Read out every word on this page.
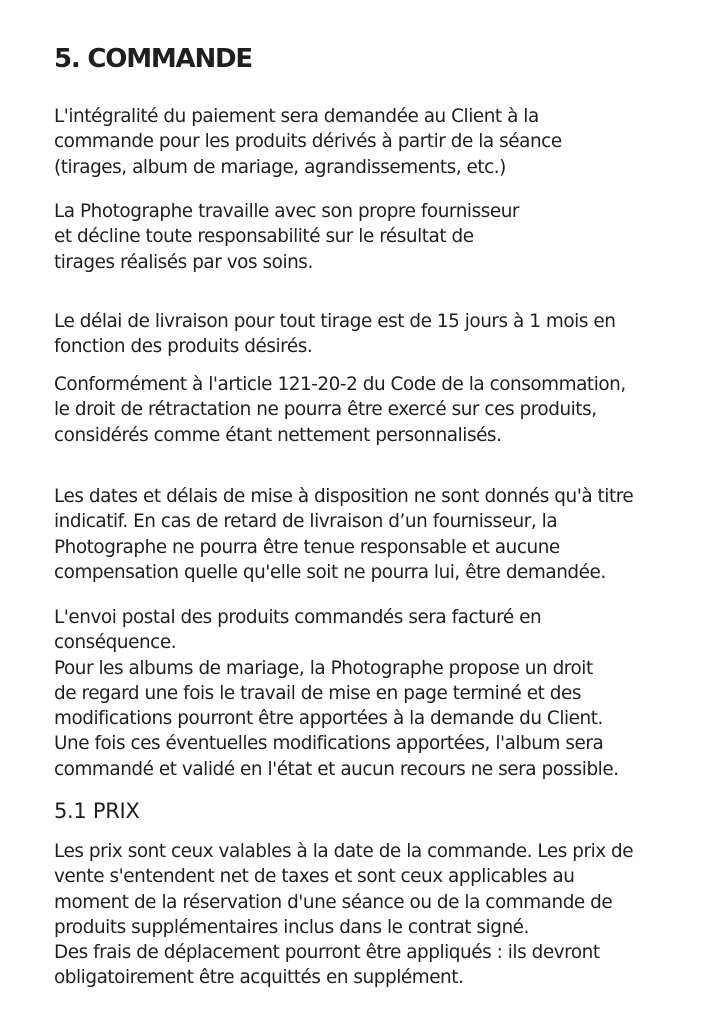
5. COMMANDE

L'intégralité du paiement sera demandée au Client à la
commande pour les produits dérivés à partir de la séance
(tirages, album de mariage, agrandissements, etc.)

La Photographe travaille avec son propre fournisseur
et décline toute responsabilité sur le résultat de
tirages réalisés par vos soins.

Le délai de livraison pour tout tirage est de 15 jours à 1 mois en
fonction des produits désirés.

Conformément à l'article 121-20-2 du Code de la consommation,
le droit de rétractation ne pourra être exercé sur ces produits,
considérés comme étant nettement personnalisés.

Les dates et délais de mise à disposition ne sont donnés qu'à titre
indicatif. En cas de retard de livraison d’un fournisseur, la
Photographe ne pourra être tenue responsable et aucune
compensation quelle qu'elle soit ne pourra lui, être demandée.

L'envoi postal des produits commandés sera facturé en
conséquence.
Pour les albums de mariage, la Photographe propose un droit
de regard une fois le travail de mise en page terminé et des
modifications pourront être apportées à la demande du Client.
Une fois ces éventuelles modifications apportées, l'album sera
commandé et validé en l'état et aucun recours ne sera possible.

5.1 PRIX

Les prix sont ceux valables à la date de la commande. Les prix de
vente s'entendent net de taxes et sont ceux applicables au
moment de la réservation d'une séance ou de la commande de
produits supplémentaires inclus dans le contrat signé.
Des frais de déplacement pourront être appliqués : ils devront
obligatoirement être acquittés en supplément.
